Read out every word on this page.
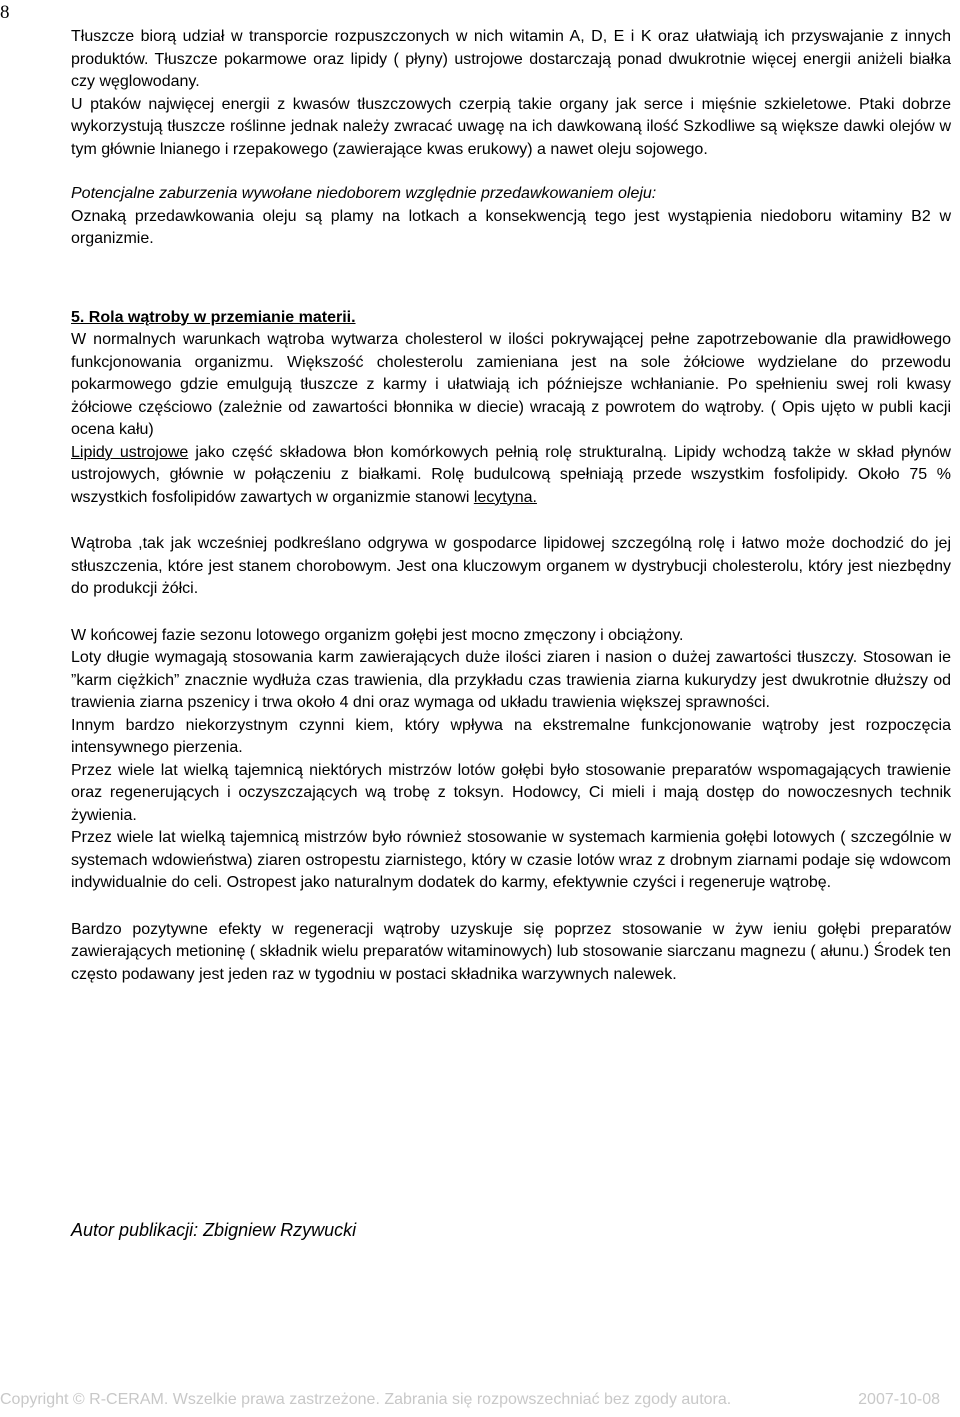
8

Tłuszcze biorą udział w transporcie rozpuszczonych w nich witamin A, D, E i K oraz ułatwiają ich przyswajanie z innych produktów. Tłuszcze pokarmowe oraz lipidy ( płyny) ustrojowe dostarczają ponad dwukrotnie więcej energii aniżeli białka czy węglowodany.

U ptaków najwięcej energii z kwasów tłuszczowych czerpią takie organy jak serce i mięśnie szkieletowe. Ptaki dobrze wykorzystują tłuszcze roślinne jednak należy zwracać uwagę na ich dawkowaną ilość Szkodliwe są większe dawki olejów w tym głównie lnianego i rzepakowego (zawierające kwas erukowy) a nawet oleju sojowego.

Potencjalne zaburzenia wywołane niedoborem względnie przedawkowaniem oleju:

Oznaką przedawkowania oleju są plamy na lotkach a konsekwencją tego jest wystąpienia niedoboru witaminy B2 w organizmie.

5. Rola wątroby w przemianie materii.

W normalnych warunkach wątroba wytwarza cholesterol w ilości pokrywającej pełne zapotrzebowanie dla prawidłowego funkcjonowania organizmu. Większość cholesterolu zamieniana jest na sole żółciowe wydzielane do przewodu pokarmowego gdzie emulgują tłuszcze z karmy i ułatwiają ich późniejsze wchłanianie. Po spełnieniu swej roli kwasy żółciowe częściowo (zależnie od zawartości błonnika w diecie) wracają z powrotem do wątroby. ( Opis ujęto w publi kacji ocena kału)

Lipidy ustrojowe jako część składowa błon komórkowych pełnią rolę strukturalną. Lipidy wchodzą także w skład płynów ustrojowych, głównie w połączeniu z białkami. Rolę budulcową spełniają przede wszystkim fosfolipidy. Około 75 % wszystkich fosfolipidów zawartych w organizmie stanowi lecytyna.

Wątroba ,tak jak wcześniej podkreślano odgrywa w gospodarce lipidowej szczególną rolę i łatwo może dochodzić do jej stłuszczenia, które jest stanem chorobowym. Jest ona kluczowym organem w dystrybucji cholesterolu, który jest niezbędny do produkcji żółci.

W końcowej fazie sezonu lotowego organizm gołębi jest mocno zmęczony i obciążony.

Loty długie wymagają stosowania karm zawierających duże ilości ziaren i nasion o dużej zawartości tłuszczy. Stosowan ie ”karm ciężkich” znacznie wydłuża czas trawienia, dla przykładu czas trawienia ziarna kukurydzy jest dwukrotnie dłuższy od trawienia ziarna pszenicy i trwa około 4 dni oraz wymaga od układu trawienia większej sprawności.

Innym bardzo niekorzystnym czynni kiem, który wpływa na ekstremalne funkcjonowanie wątroby jest rozpoczęcia intensywnego pierzenia.

Przez wiele lat wielką tajemnicą niektórych mistrzów lotów gołębi było stosowanie preparatów wspomagających trawienie oraz regenerujących i oczyszczających wą trobę z toksyn. Hodowcy, Ci mieli i mają dostęp do nowoczesnych technik żywienia.

Przez wiele lat wielką tajemnicą mistrzów było również stosowanie w systemach karmienia gołębi lotowych ( szczególnie w systemach wdowieństwa) ziaren ostropestu ziarnistego, który w czasie lotów wraz z drobnym ziarnami podaje się wdowcom indywidualnie do celi. Ostropest jako naturalnym dodatek do karmy, efektywnie czyści i regeneruje wątrobę.

Bardzo pozytywne efekty w regeneracji wątroby uzyskuje się poprzez stosowanie w żyw ieniu gołębi preparatów zawierających metioninę ( składnik wielu preparatów witaminowych) lub stosowanie siarczanu magnezu ( ałunu.) Środek ten często podawany jest jeden raz w tygodniu w postaci składnika warzywnych nalewek.

Autor publikacji: Zbigniew Rzywucki
Copyright © R-CERAM. Wszelkie prawa zastrzeżone. Zabrania się rozpowszechniać bez zgody autora.	2007-10-08
